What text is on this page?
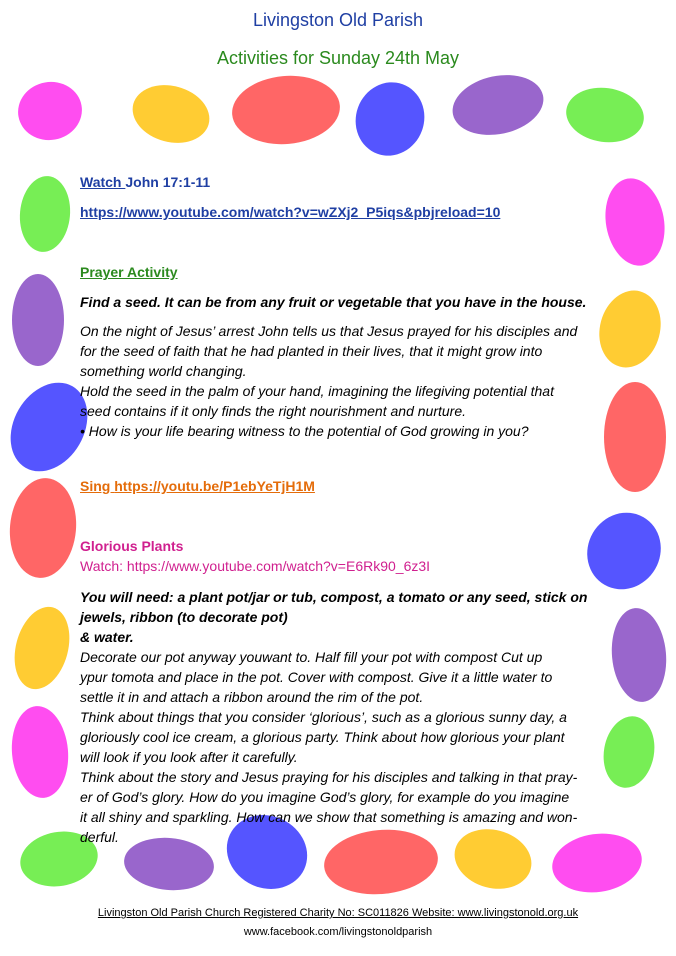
Livingston Old Parish
Activities for Sunday 24th May
Watch John 17:1-11
https://www.youtube.com/watch?v=wZXj2_P5iqs&pbjreload=10
Prayer Activity
Find a seed. It can be from any fruit or vegetable that you have in the house.

On the night of Jesus’ arrest John tells us that Jesus prayed for his disciples and

for the seed of faith that he had planted in their lives, that it might grow into

something world changing.

Hold the seed in the palm of your hand, imagining the lifegiving potential that

seed contains if it only finds the right nourishment and nurture.

• How is your life bearing witness to the potential of God growing in you?

Sing https://youtu.be/P1ebYeTjH1M
Glorious Plants
Watch: https://www.youtube.com/watch?v=E6Rk90_6z3I

You will need: a plant pot/jar or tub, compost, a tomato or any seed, stick on

jewels, ribbon (to decorate pot)

& water.

Decorate our pot anyway youwant to. Half fill your pot with compost Cut up

ypur tomota and place in the pot. Cover with compost. Give it a little water to

settle it in and attach a ribbon around the rim of the pot.

Think about things that you consider ‘glorious’, such as a glorious sunny day, a

gloriously cool ice cream, a glorious party. Think about how glorious your plant

will look if you look after it carefully.

Think about the story and Jesus praying for his disciples and talking in that pray-

er of God’s glory. How do you imagine God’s glory, for example do you imagine

it all shiny and sparkling. How can we show that something is amazing and won-

derful.

Livingston Old Parish Church Registered Charity No: SC011826 Website: www.livingstonold.org.uk
www.facebook.com/livingstonoldparish
